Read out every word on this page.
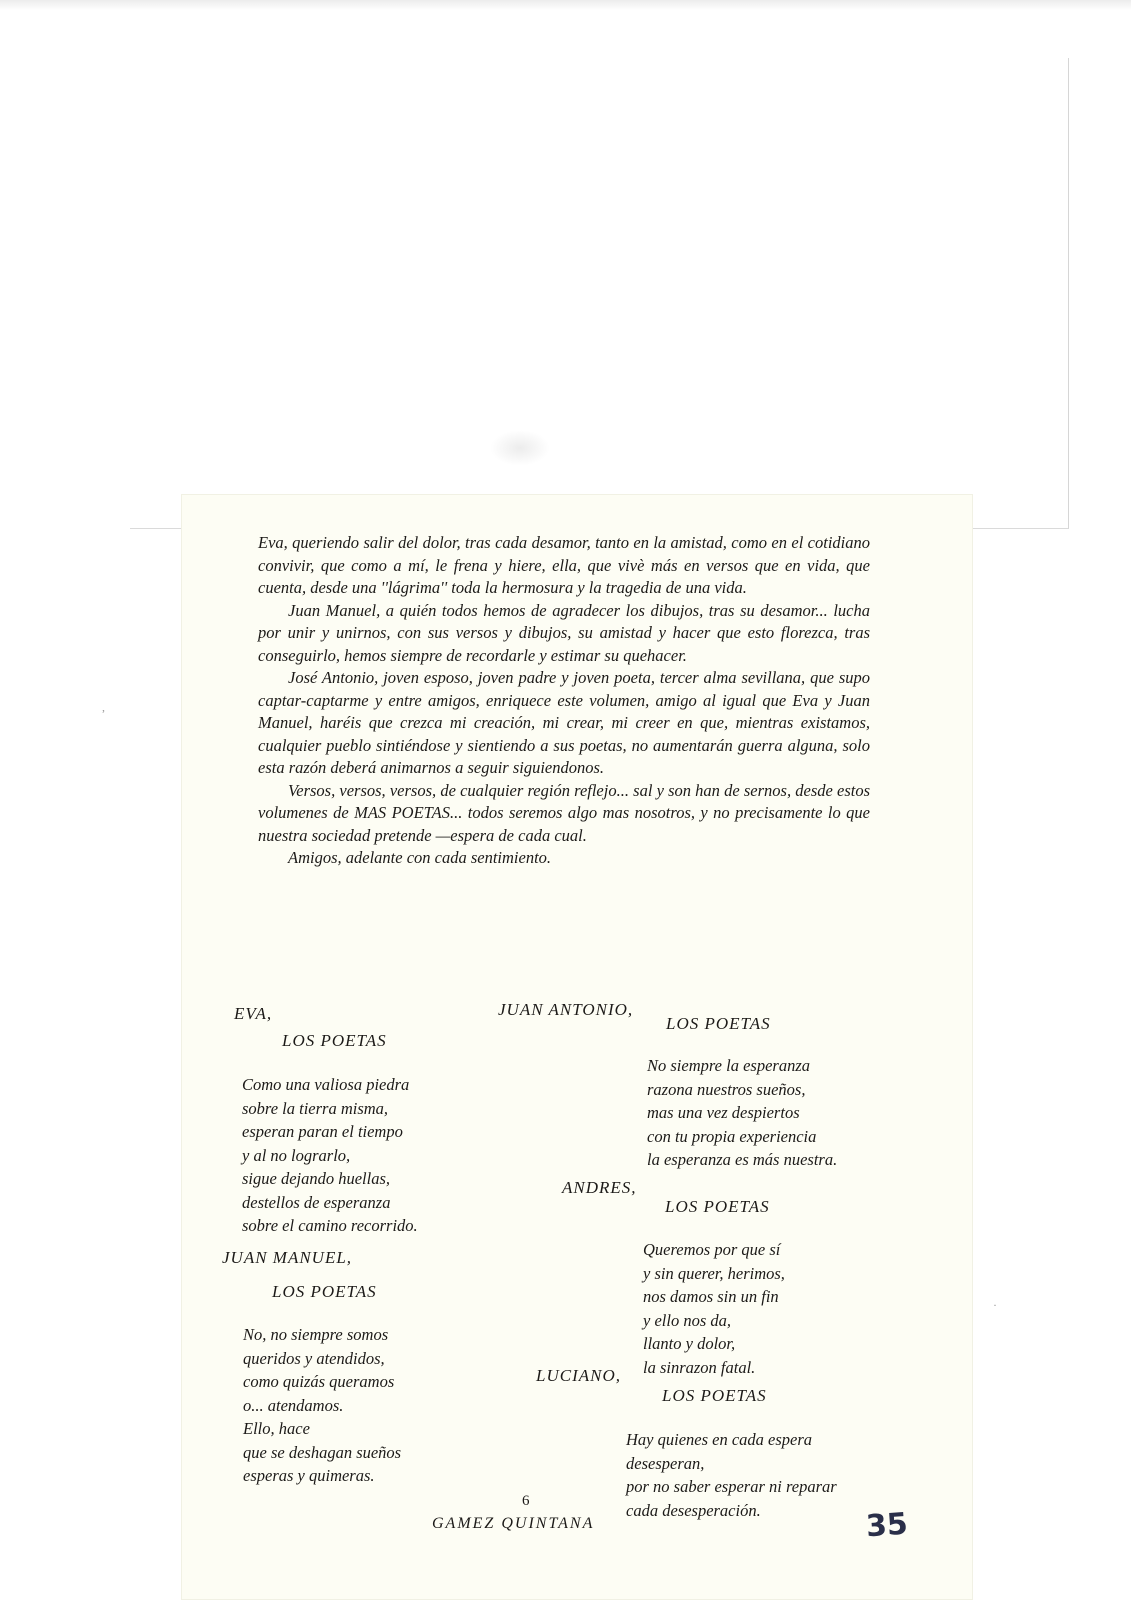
Eva, queriendo salir del dolor, tras cada desamor, tanto en la amistad, como en el cotidiano convivir, que como a mí, le frena y hiere, ella, que vivè más en versos que en vida, que cuenta, desde una ''lágrima'' toda la hermosura y la tragedia de una vida.

Juan Manuel, a quién todos hemos de agradecer los dibujos, tras su desamor... lucha por unir y unirnos, con sus versos y dibujos, su amistad y hacer que esto florezca, tras conseguirlo, hemos siempre de recordarle y estimar su quehacer.

José Antonio, joven esposo, joven padre y joven poeta, tercer alma sevillana, que supo captar-captarme y entre amigos, enriquece este volumen, amigo al igual que Eva y Juan Manuel, haréis que crezca mi creación, mi crear, mi creer en que, mientras existamos, cualquier pueblo sintiéndose y sientiendo a sus poetas, no aumentarán guerra alguna, solo esta razón deberá animarnos a seguir siguiendonos.

Versos, versos, versos, de cualquier región reflejo... sal y son han de sernos, desde estos volumenes de MAS POETAS... todos seremos algo mas nosotros, y no precisamente lo que nuestra sociedad pretende —espera de cada cual.

Amigos, adelante con cada sentimiento.

EVA,
LOS POETAS
Como una valiosa piedra
sobre la tierra misma,
esperan paran el tiempo
y al no lograrlo,
sigue dejando huellas,
destellos de esperanza
sobre el camino recorrido.
JUAN MANUEL,
LOS POETAS
No, no siempre somos
queridos y atendidos,
como quizás queramos
o... atendamos.
Ello, hace
que se deshagan sueños
esperas y quimeras.
JUAN ANTONIO,
LOS POETAS
No siempre la esperanza
razona nuestros sueños,
mas una vez despiertos
con tu propia experiencia
la esperanza es más nuestra.
ANDRES,
LOS POETAS
Queremos por que sí
y sin querer, herimos,
nos damos sin un fin
y ello nos da,
llanto y dolor,
la sinrazon fatal.
LUCIANO,
LOS POETAS
Hay quienes en cada espera
desesperan,
por no saber esperar ni reparar
cada desesperación.
6
GAMEZ QUINTANA	35
,
·
